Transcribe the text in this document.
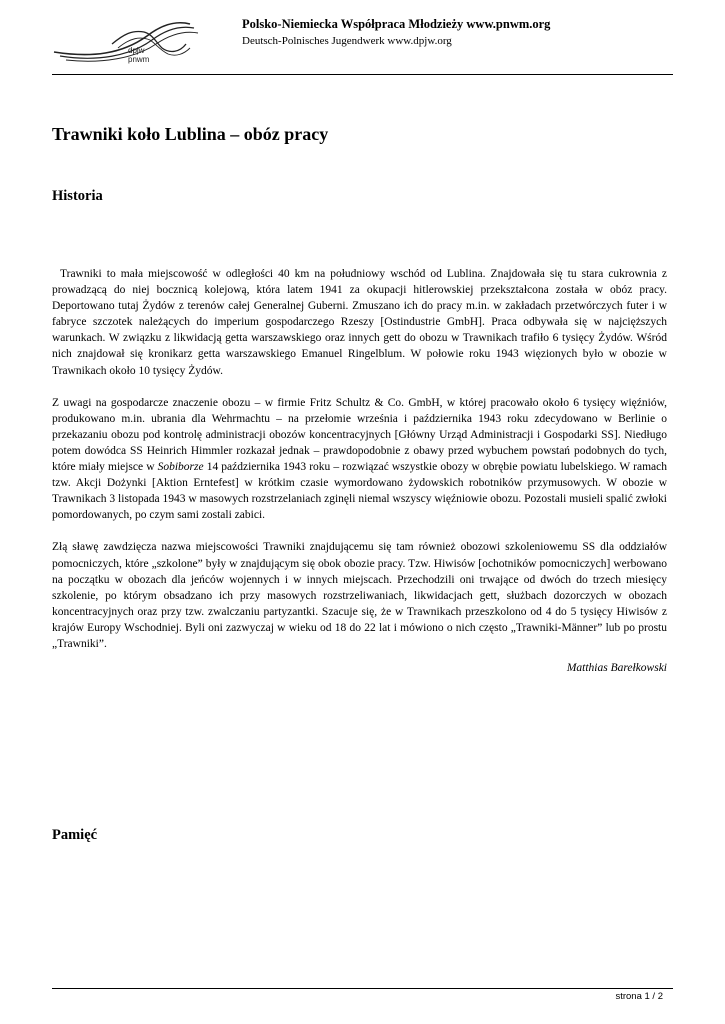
dpjw
pnwm
Polsko-Niemiecka Współpraca Młodzieży www.pnwm.org
Deutsch-Polnisches Jugendwerk www.dpjw.org
Trawniki koło Lublina – obóz pracy
Historia

Trawniki to mała miejscowość w odległości 40 km na południowy wschód od Lublina. Znajdowała się tu stara cukrownia z prowadzącą do niej bocznicą kolejową, która latem 1941 za okupacji hitlerowskiej przekształcona została w obóz pracy. Deportowano tutaj Żydów z terenów całej Generalnej Guberni. Zmuszano ich do pracy m.in. w zakładach przetwórczych futer i w fabryce szczotek należących do imperium gospodarczego Rzeszy [Ostindustrie GmbH]. Praca odbywała się w najcięższych warunkach. W związku z likwidacją getta warszawskiego oraz innych gett do obozu w Trawnikach trafiło 6 tysięcy Żydów. Wśród nich znajdował się kronikarz getta warszawskiego Emanuel Ringelblum. W połowie roku 1943 więzionych było w obozie w Trawnikach około 10 tysięcy Żydów.

Z uwagi na gospodarcze znaczenie obozu – w firmie Fritz Schultz & Co. GmbH, w której pracowało około 6 tysięcy więźniów, produkowano m.in. ubrania dla Wehrmachtu – na przełomie września i października 1943 roku zdecydowano w Berlinie o przekazaniu obozu pod kontrolę administracji obozów koncentracyjnych [Główny Urząd Administracji i Gospodarki SS]. Niedługo potem dowódca SS Heinrich Himmler rozkazał jednak – prawdopodobnie z obawy przed wybuchem powstań podobnych do tych, które miały miejsce w Sobiborze 14 października 1943 roku – rozwiązać wszystkie obozy w obrębie powiatu lubelskiego. W ramach tzw. Akcji Dożynki [Aktion Erntefest] w krótkim czasie wymordowano żydowskich robotników przymusowych. W obozie w Trawnikach 3 listopada 1943 w masowych rozstrzelaniach zginęli niemal wszyscy więźniowie obozu. Pozostali musieli spalić zwłoki pomordowanych, po czym sami zostali zabici.

Złą sławę zawdzięcza nazwa miejscowości Trawniki znajdującemu się tam również obozowi szkoleniowemu SS dla oddziałów pomocniczych, które „szkolone” były w znajdującym się obok obozie pracy. Tzw. Hiwisów [ochotników pomocniczych] werbowano na początku w obozach dla jeńców wojennych i w innych miejscach. Przechodzili oni trwające od dwóch do trzech miesięcy szkolenie, po którym obsadzano ich przy masowych rozstrzeliwaniach, likwidacjach gett, służbach dozorczych w obozach koncentracyjnych oraz przy tzw. zwalczaniu partyzantki. Szacuje się, że w Trawnikach przeszkolono od 4 do 5 tysięcy Hiwisów z krajów Europy Wschodniej. Byli oni zazwyczaj w wieku od 18 do 22 lat i mówiono o nich często „Trawniki-Männer” lub po prostu „Trawniki”.

Matthias Barełkowski
Pamięć
strona 1 / 2
